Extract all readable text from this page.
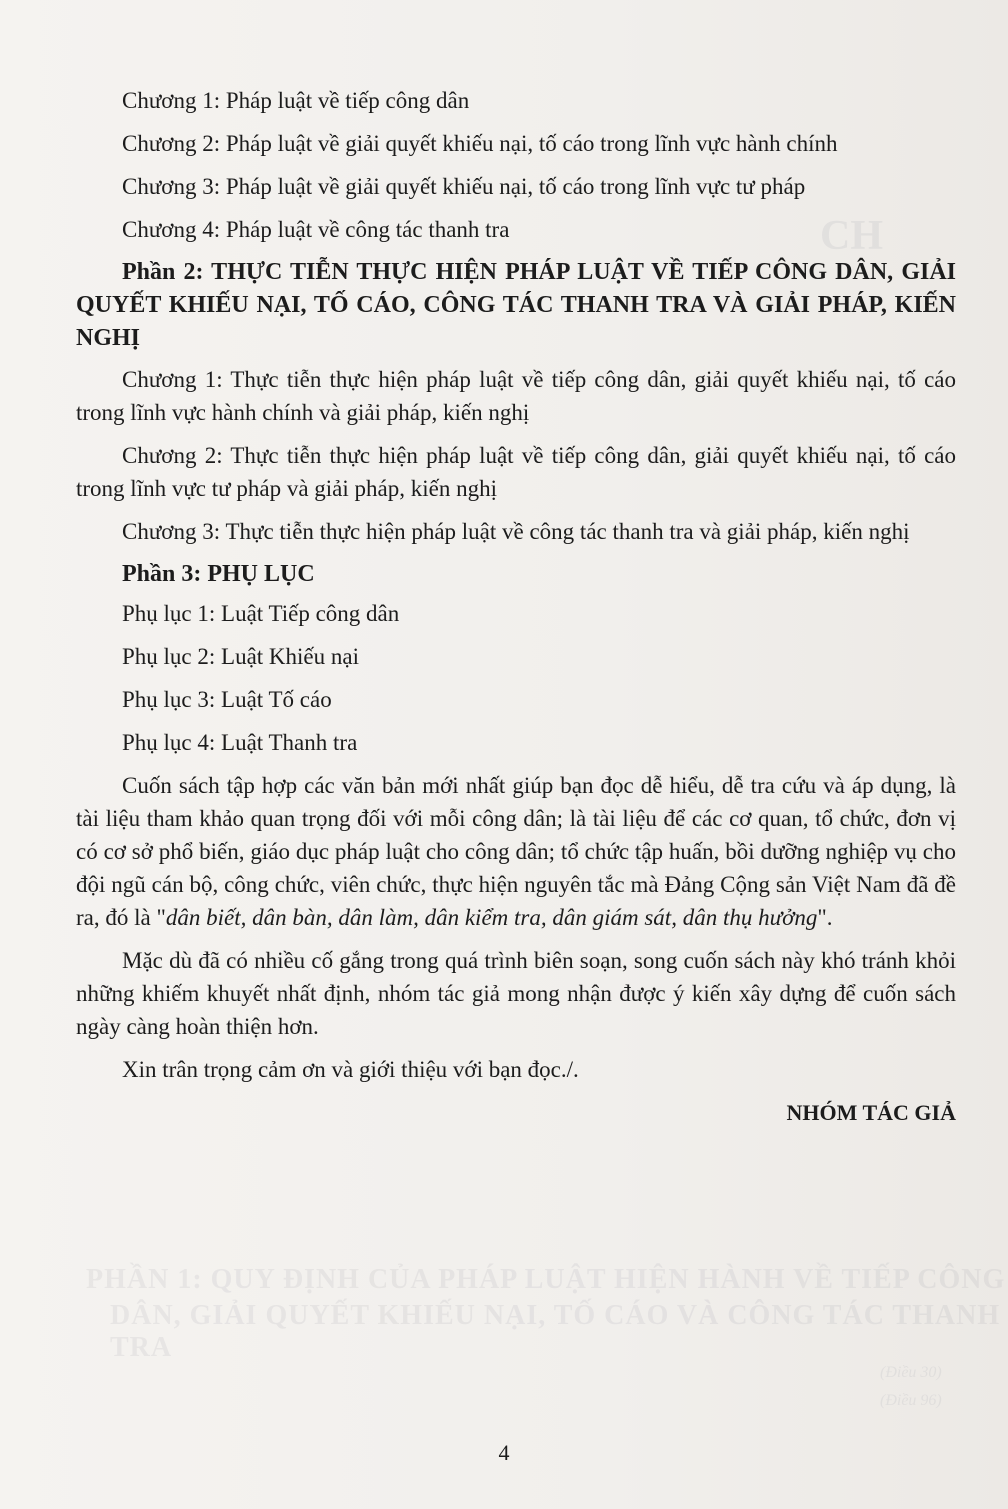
CH
PHẦN 1: QUY ĐỊNH CỦA PHÁP LUẬT HIỆN HÀNH VỀ TIẾP CÔNG
DÂN, GIẢI QUYẾT KHIẾU NẠI, TỐ CÁO VÀ CÔNG TÁC THANH TRA
(Điều 30)
(Điều 96)

Chương 1: Pháp luật về tiếp công dân

Chương 2: Pháp luật về giải quyết khiếu nại, tố cáo trong lĩnh vực hành chính

Chương 3: Pháp luật về giải quyết khiếu nại, tố cáo trong lĩnh vực tư pháp

Chương 4: Pháp luật về công tác thanh tra

Phần 2: THỰC TIỄN THỰC HIỆN PHÁP LUẬT VỀ TIẾP CÔNG DÂN, GIẢI QUYẾT KHIẾU NẠI, TỐ CÁO, CÔNG TÁC THANH TRA VÀ GIẢI PHÁP, KIẾN NGHỊ

Chương 1: Thực tiễn thực hiện pháp luật về tiếp công dân, giải quyết khiếu nại, tố cáo trong lĩnh vực hành chính và giải pháp, kiến nghị

Chương 2: Thực tiễn thực hiện pháp luật về tiếp công dân, giải quyết khiếu nại, tố cáo trong lĩnh vực tư pháp và giải pháp, kiến nghị

Chương 3: Thực tiễn thực hiện pháp luật về công tác thanh tra và giải pháp, kiến nghị

Phần 3: PHỤ LỤC

Phụ lục 1: Luật Tiếp công dân

Phụ lục 2: Luật Khiếu nại

Phụ lục 3: Luật Tố cáo

Phụ lục 4: Luật Thanh tra

Cuốn sách tập hợp các văn bản mới nhất giúp bạn đọc dễ hiểu, dễ tra cứu và áp dụng, là tài liệu tham khảo quan trọng đối với mỗi công dân; là tài liệu để các cơ quan, tổ chức, đơn vị có cơ sở phổ biến, giáo dục pháp luật cho công dân; tổ chức tập huấn, bồi dưỡng nghiệp vụ cho đội ngũ cán bộ, công chức, viên chức, thực hiện nguyên tắc mà Đảng Cộng sản Việt Nam đã đề ra, đó là "dân biết, dân bàn, dân làm, dân kiểm tra, dân giám sát, dân thụ hưởng".

Mặc dù đã có nhiều cố gắng trong quá trình biên soạn, song cuốn sách này khó tránh khỏi những khiếm khuyết nhất định, nhóm tác giả mong nhận được ý kiến xây dựng để cuốn sách ngày càng hoàn thiện hơn.

Xin trân trọng cảm ơn và giới thiệu với bạn đọc./.

NHÓM TÁC GIẢ

4
